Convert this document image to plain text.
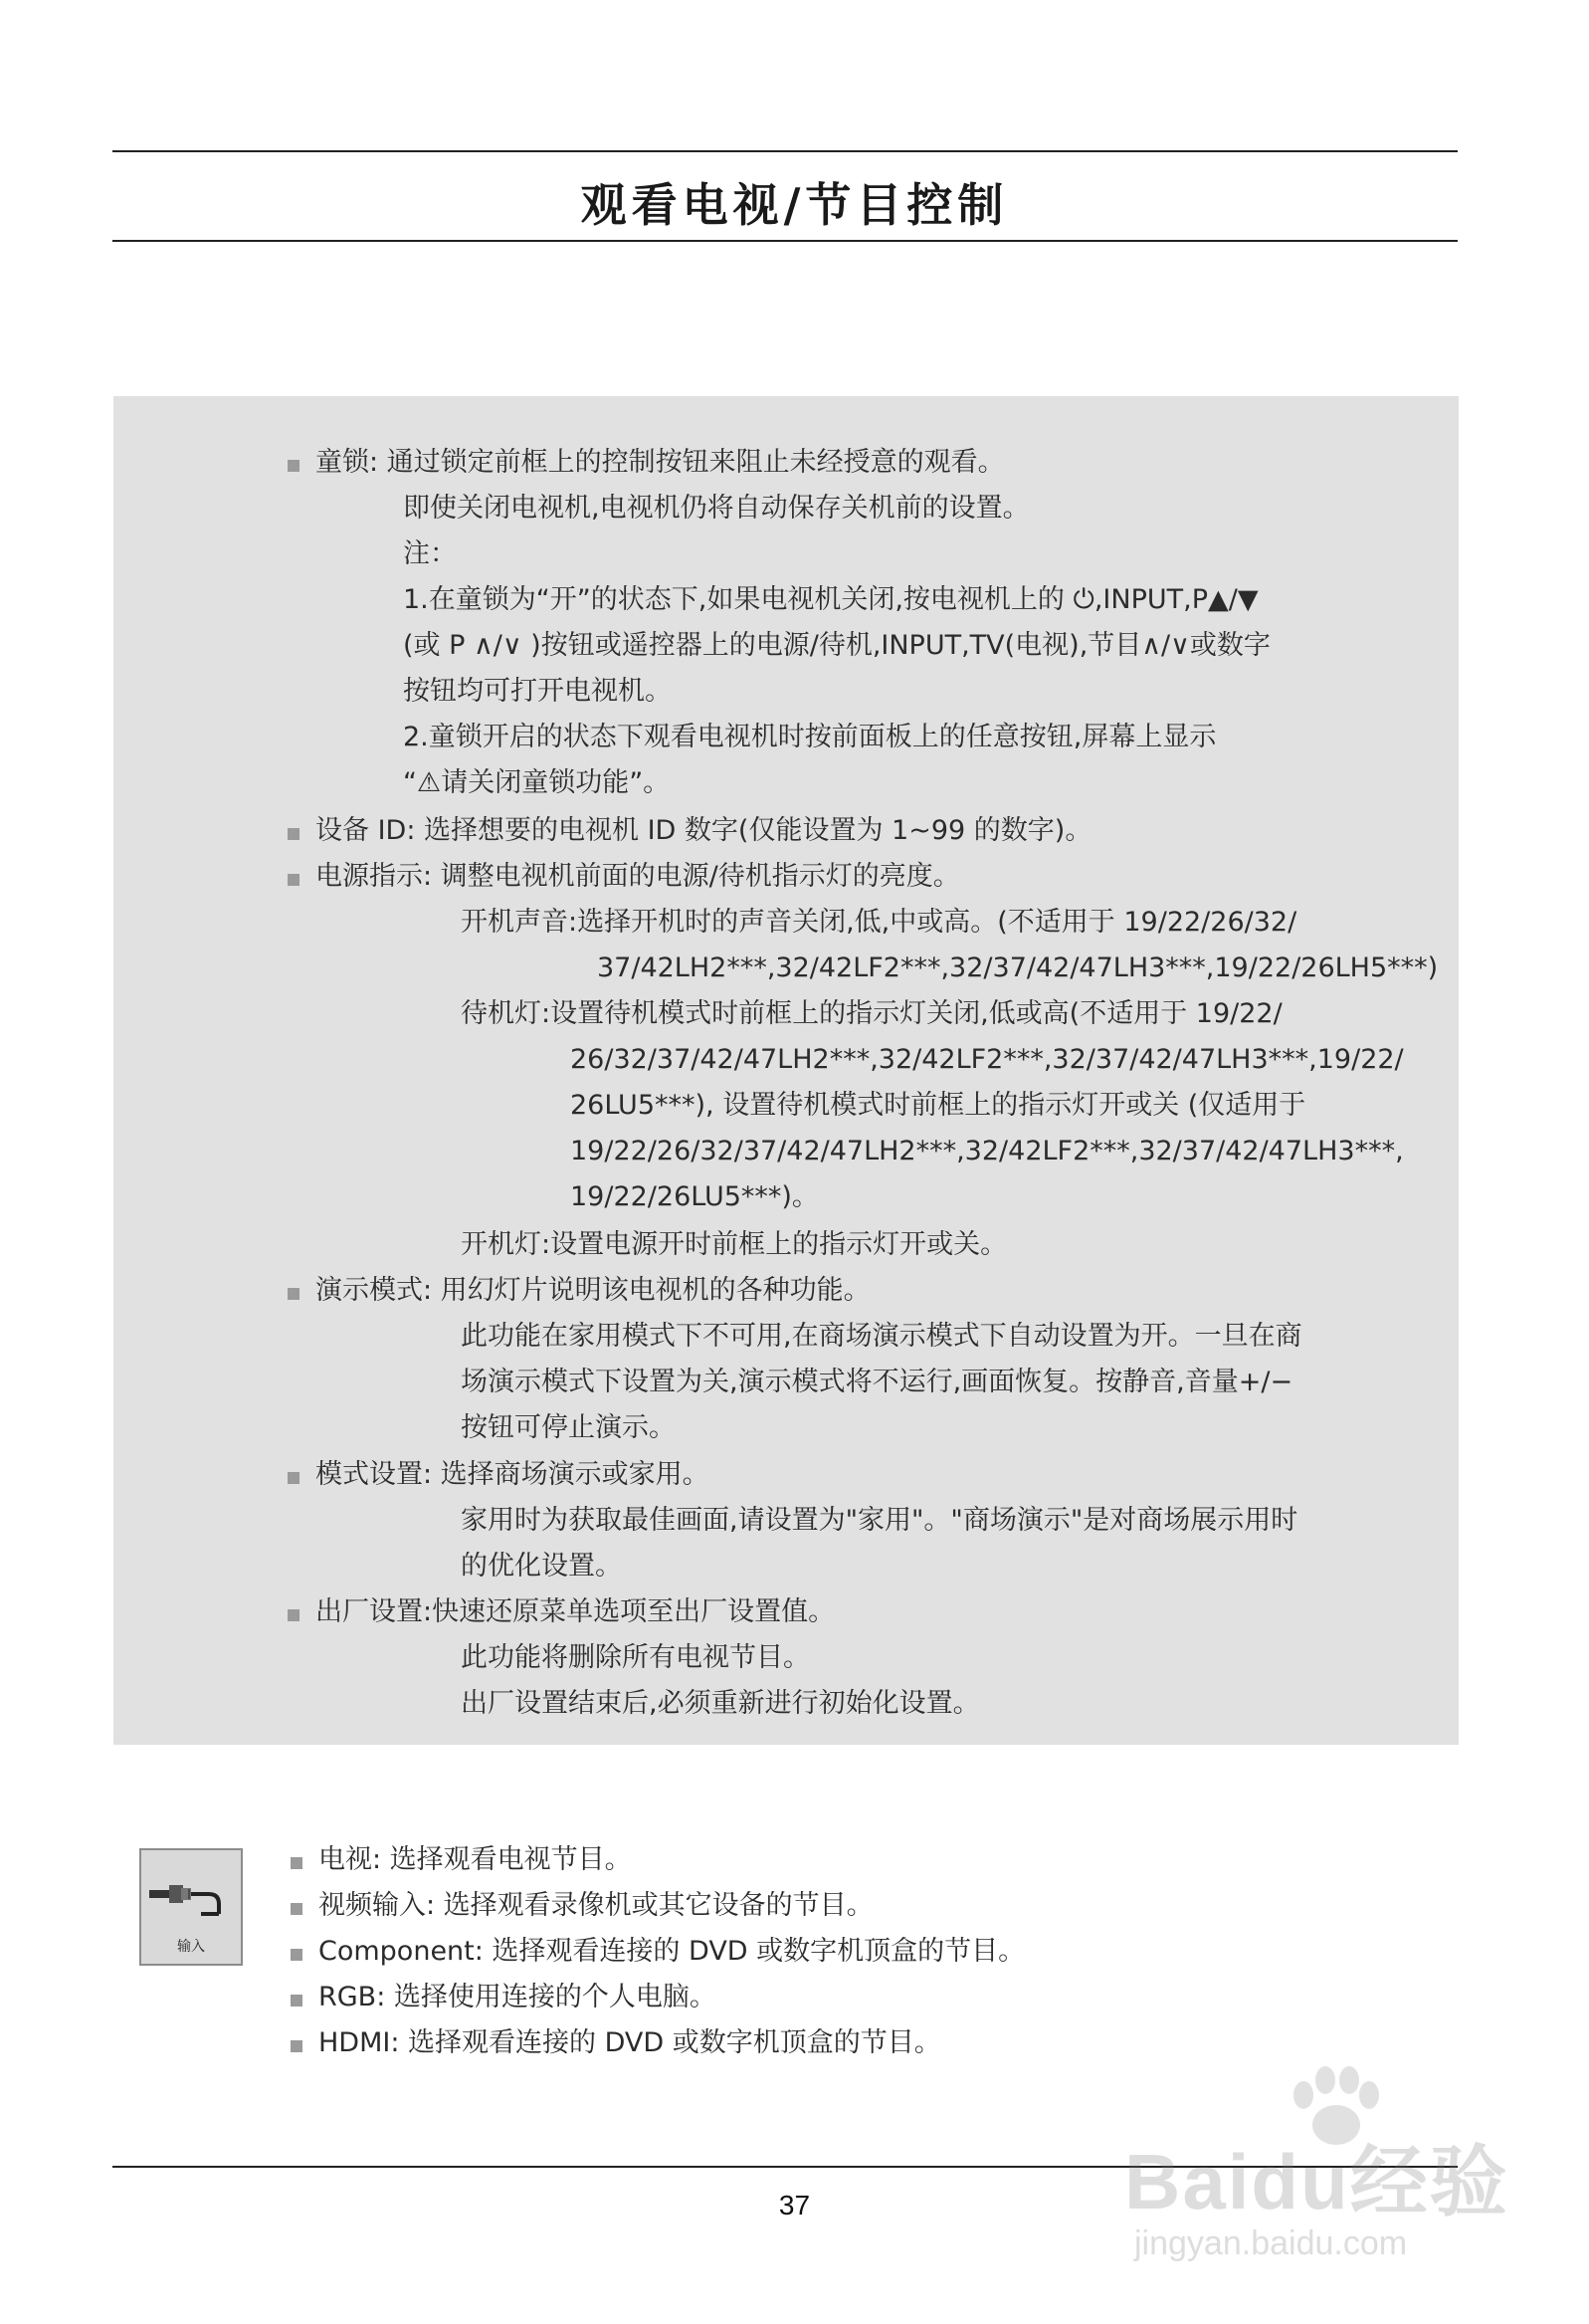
观看电视/节目控制
童锁: 通过锁定前框上的控制按钮来阻止未经授意的观看。
即使关闭电视机,电视机仍将自动保存关机前的设置。
注：
1.在童锁为“开”的状态下,如果电视机关闭,按电视机上的 ⏻,INPUT,P▲/▼
(或 P ∧/∨ )按钮或遥控器上的电源/待机,INPUT,TV(电视),节目∧/∨或数字
按钮均可打开电视机。
2.童锁开启的状态下观看电视机时按前面板上的任意按钮,屏幕上显示
“⚠请关闭童锁功能”。
设备 ID: 选择想要的电视机 ID 数字(仅能设置为 1~99 的数字)。
电源指示: 调整电视机前面的电源/待机指示灯的亮度。
开机声音:选择开机时的声音关闭,低,中或高。(不适用于 19/22/26/32/
37/42LH2***,32/42LF2***,32/37/42/47LH3***,19/22/26LH5***)
待机灯:设置待机模式时前框上的指示灯关闭,低或高(不适用于 19/22/
26/32/37/42/47LH2***,32/42LF2***,32/37/42/47LH3***,19/22/
26LU5***), 设置待机模式时前框上的指示灯开或关 (仅适用于
19/22/26/32/37/42/47LH2***,32/42LF2***,32/37/42/47LH3***,
19/22/26LU5***)。
开机灯:设置电源开时前框上的指示灯开或关。
演示模式: 用幻灯片说明该电视机的各种功能。
此功能在家用模式下不可用,在商场演示模式下自动设置为开。一旦在商
场演示模式下设置为关,演示模式将不运行,画面恢复。按静音,音量+/−
按钮可停止演示。
模式设置: 选择商场演示或家用。
家用时为获取最佳画面,请设置为"家用"。"商场演示"是对商场展示用时
的优化设置。
出厂设置:快速还原菜单选项至出厂设置值。
此功能将删除所有电视节目。
出厂设置结束后,必须重新进行初始化设置。
输入
电视: 选择观看电视节目。
视频输入: 选择观看录像机或其它设备的节目。
Component: 选择观看连接的 DVD 或数字机顶盒的节目。
RGB: 选择使用连接的个人电脑。
HDMI: 选择观看连接的 DVD 或数字机顶盒的节目。
37	Baidu经验
jingyan.baidu.com
